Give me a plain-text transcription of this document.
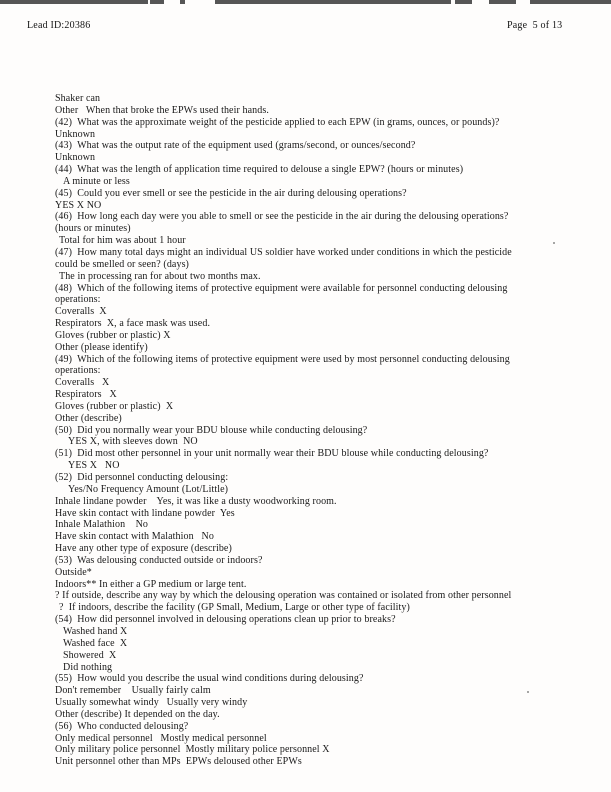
Lead ID:20386	Page  5 of 13
Shaker can
Other   When that broke the EPWs used their hands.
(42)  What was the approximate weight of the pesticide applied to each EPW (in grams, ounces, or pounds)?
Unknown
(43)  What was the output rate of the equipment used (grams/second, or ounces/second?
Unknown
(44)  What was the length of application time required to delouse a single EPW? (hours or minutes)
A minute or less
(45)  Could you ever smell or see the pesticide in the air during delousing operations?
YES X NO
(46)  How long each day were you able to smell or see the pesticide in the air during the delousing operations?
(hours or minutes)
Total for him was about 1 hour
(47)  How many total days might an individual US soldier have worked under conditions in which the pesticide
could be smelled or seen? (days)
The in processing ran for about two months max.
(48)  Which of the following items of protective equipment were available for personnel conducting delousing
operations:
Coveralls  X
Respirators  X, a face mask was used.
Gloves (rubber or plastic) X
Other (please identify)
(49)  Which of the following items of protective equipment were used by most personnel conducting delousing
operations:
Coveralls   X
Respirators   X
Gloves (rubber or plastic)  X
Other (describe)
(50)  Did you normally wear your BDU blouse while conducting delousing?
YES X, with sleeves down  NO
(51)  Did most other personnel in your unit normally wear their BDU blouse while conducting delousing?
YES X   NO
(52)  Did personnel conducting delousing:
Yes/No Frequency Amount (Lot/Little)
Inhale lindane powder    Yes, it was like a dusty woodworking room.
Have skin contact with lindane powder  Yes
Inhale Malathion    No
Have skin contact with Malathion   No
Have any other type of exposure (describe)
(53)  Was delousing conducted outside or indoors?
Outside*
Indoors** In either a GP medium or large tent.
? If outside, describe any way by which the delousing operation was contained or isolated from other personnel
?  If indoors, describe the facility (GP Small, Medium, Large or other type of facility)
(54)  How did personnel involved in delousing operations clean up prior to breaks?
Washed hand X
Washed face  X
Showered  X
Did nothing
(55)  How would you describe the usual wind conditions during delousing?
Don't remember    Usually fairly calm
Usually somewhat windy   Usually very windy
Other (describe) It depended on the day.
(56)  Who conducted delousing?
Only medical personnel   Mostly medical personnel
Only military police personnel  Mostly military police personnel X
Unit personnel other than MPs  EPWs deloused other EPWs
